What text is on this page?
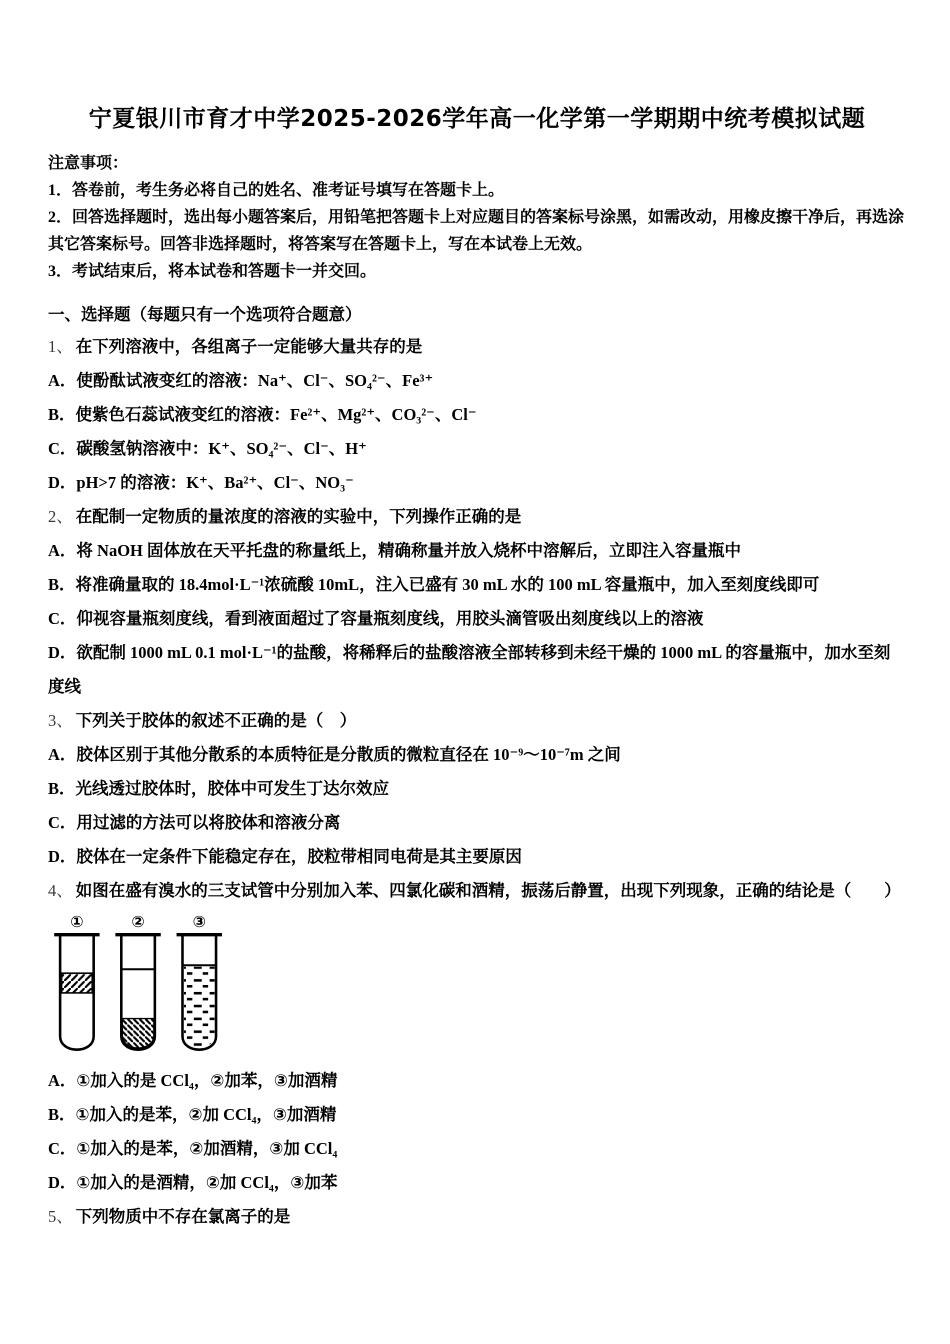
宁夏银川市育才中学2025-2026学年高一化学第一学期期中统考模拟试题
注意事项：
1．答卷前，考生务必将自己的姓名、准考证号填写在答题卡上。
2．回答选择题时，选出每小题答案后，用铅笔把答题卡上对应题目的答案标号涂黑，如需改动，用橡皮擦干净后，再选涂其它答案标号。回答非选择题时，将答案写在答题卡上，写在本试卷上无效。
3．考试结束后，将本试卷和答题卡一并交回。
一、选择题（每题只有一个选项符合题意）
1、 在下列溶液中，各组离子一定能够大量共存的是
A．使酚酞试液变红的溶液：Na⁺、Cl⁻、SO₄²⁻、Fe³⁺
B．使紫色石蕊试液变红的溶液：Fe²⁺、Mg²⁺、CO₃²⁻、Cl⁻
C．碳酸氢钠溶液中：K⁺、SO₄²⁻、Cl⁻、H⁺
D．pH>7 的溶液：K⁺、Ba²⁺、Cl⁻、NO₃⁻
2、 在配制一定物质的量浓度的溶液的实验中，下列操作正确的是
A．将 NaOH 固体放在天平托盘的称量纸上，精确称量并放入烧杯中溶解后，立即注入容量瓶中
B．将准确量取的 18.4mol·L⁻¹浓硫酸 10mL，注入已盛有 30 mL 水的 100 mL 容量瓶中，加入至刻度线即可
C．仰视容量瓶刻度线，看到液面超过了容量瓶刻度线，用胶头滴管吸出刻度线以上的溶液
D．欲配制 1000 mL 0.1 mol·L⁻¹的盐酸，将稀释后的盐酸溶液全部转移到未经干燥的 1000 mL 的容量瓶中，加水至刻度线
3、 下列关于胶体的叙述不正确的是（　）
A．胶体区别于其他分散系的本质特征是分散质的微粒直径在 10⁻⁹～10⁻⁷m 之间
B．光线透过胶体时，胶体中可发生丁达尔效应
C．用过滤的方法可以将胶体和溶液分离
D．胶体在一定条件下能稳定存在，胶粒带相同电荷是其主要原因
4、 如图在盛有溴水的三支试管中分别加入苯、四氯化碳和酒精，振荡后静置，出现下列现象，正确的结论是（　　）
①	②	③
A．①加入的是 CCl₄，②加苯，③加酒精
B．①加入的是苯，②加 CCl₄，③加酒精
C．①加入的是苯，②加酒精，③加 CCl₄
D．①加入的是酒精，②加 CCl₄，③加苯
5、 下列物质中不存在氯离子的是
